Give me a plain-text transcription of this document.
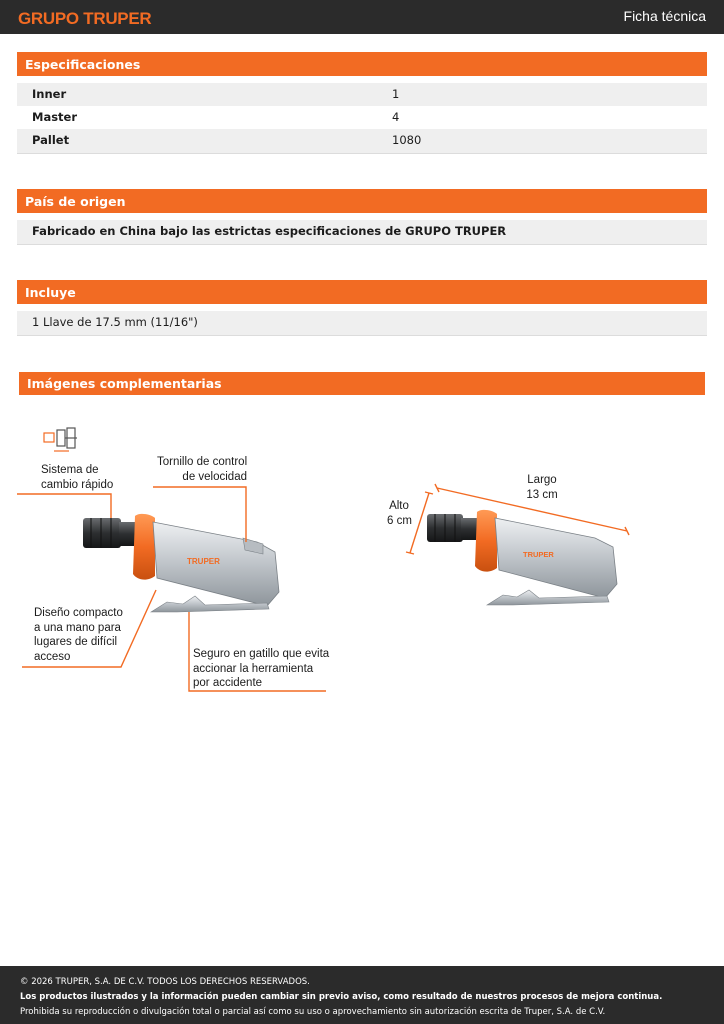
GRUPO TRUPER	Ficha técnica
Especificaciones
Inner	1
Master	4
Pallet	1080
País de origen
Fabricado en China bajo las estrictas especificaciones de GRUPO TRUPER
Incluye
1 Llave de 17.5 mm (11/16")
Imágenes complementarias
TRUPER
TRUPER
Sistema de
cambio rápido
Tornillo de control
de velocidad
Diseño compacto
a una mano para
lugares de difícil
acceso	Seguro en gatillo que evita
accionar la herramienta
por accidente
Alto
6 cm
Largo
13 cm
© 2026 TRUPER, S.A. DE C.V. TODOS LOS DERECHOS RESERVADOS.
Los productos ilustrados y la información pueden cambiar sin previo aviso, como resultado de nuestros procesos de mejora continua.
Prohibida su reproducción o divulgación total o parcial así como su uso o aprovechamiento sin autorización escrita de Truper, S.A. de C.V.
